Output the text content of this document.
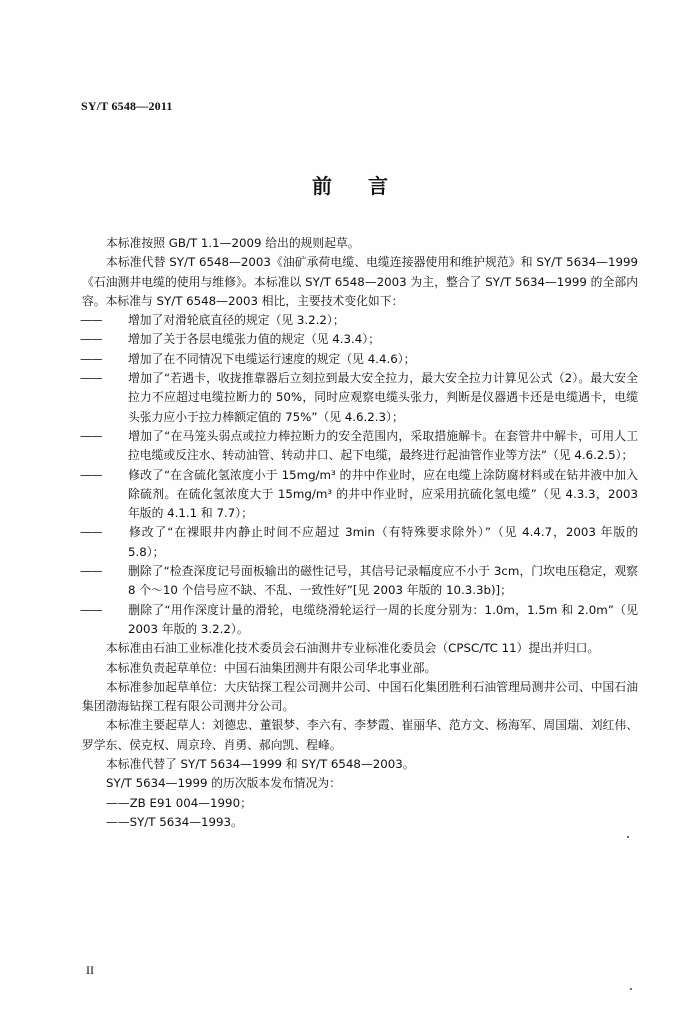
SY/T 6548—2011
前言

本标准按照 GB/T 1.1—2009 给出的规则起草。

本标准代替 SY/T 6548—2003《油矿承荷电缆、电缆连接器使用和维护规范》和 SY/T 5634—1999《石油测井电缆的使用与维修》。本标准以 SY/T 6548—2003 为主，整合了 SY/T 5634—1999 的全部内容。本标准与 SY/T 6548—2003 相比，主要技术变化如下：

—— 增加了对滑轮底直径的规定（见 3.2.2）；

—— 增加了关于各层电缆张力值的规定（见 4.3.4）；

—— 增加了在不同情况下电缆运行速度的规定（见 4.4.6）；

—— 增加了“若遇卡，收拢推靠器后立刻拉到最大安全拉力，最大安全拉力计算见公式（2）。最大安全拉力不应超过电缆拉断力的 50%，同时应观察电缆头张力，判断是仪器遇卡还是电缆遇卡，电缆头张力应小于拉力棒额定值的 75%”（见 4.6.2.3）；

—— 增加了“在马笼头弱点或拉力棒拉断力的安全范围内，采取措施解卡。在套管井中解卡，可用人工拉电缆或反注水、转动油管、转动井口、起下电缆，最终进行起油管作业等方法”（见 4.6.2.5）；

—— 修改了“在含硫化氢浓度小于 15mg/m³ 的井中作业时，应在电缆上涂防腐材料或在钻井液中加入除硫剂。在硫化氢浓度大于 15mg/m³ 的井中作业时，应采用抗硫化氢电缆”（见 4.3.3，2003 年版的 4.1.1 和 7.7）；

—— 修改了“在裸眼井内静止时间不应超过 3min（有特殊要求除外）”（见 4.4.7，2003 年版的 5.8）；

—— 删除了“检查深度记号面板输出的磁性记号，其信号记录幅度应不小于 3cm，门坎电压稳定，观察 8 个～10 个信号应不缺、不乱、一致性好”[见 2003 年版的 10.3.3b)]；

—— 删除了“用作深度计量的滑轮，电缆绕滑轮运行一周的长度分别为：1.0m，1.5m 和 2.0m”（见 2003 年版的 3.2.2）。

本标准由石油工业标准化技术委员会石油测井专业标准化委员会（CPSC/TC 11）提出并归口。

本标准负责起草单位：中国石油集团测井有限公司华北事业部。

本标准参加起草单位：大庆钻探工程公司测井公司、中国石化集团胜利石油管理局测井公司、中国石油集团渤海钻探工程有限公司测井分公司。

本标准主要起草人：刘德忠、董银梦、李六有、李梦霞、崔丽华、范方文、杨海军、周国瑞、刘红伟、罗学东、侯克权、周京玲、肖勇、郝向凯、程峰。

本标准代替了 SY/T 5634—1999 和 SY/T 6548—2003。

SY/T 5634—1999 的历次版本发布情况为：

——ZB E91 004—1990；

——SY/T 5634—1993。

II
